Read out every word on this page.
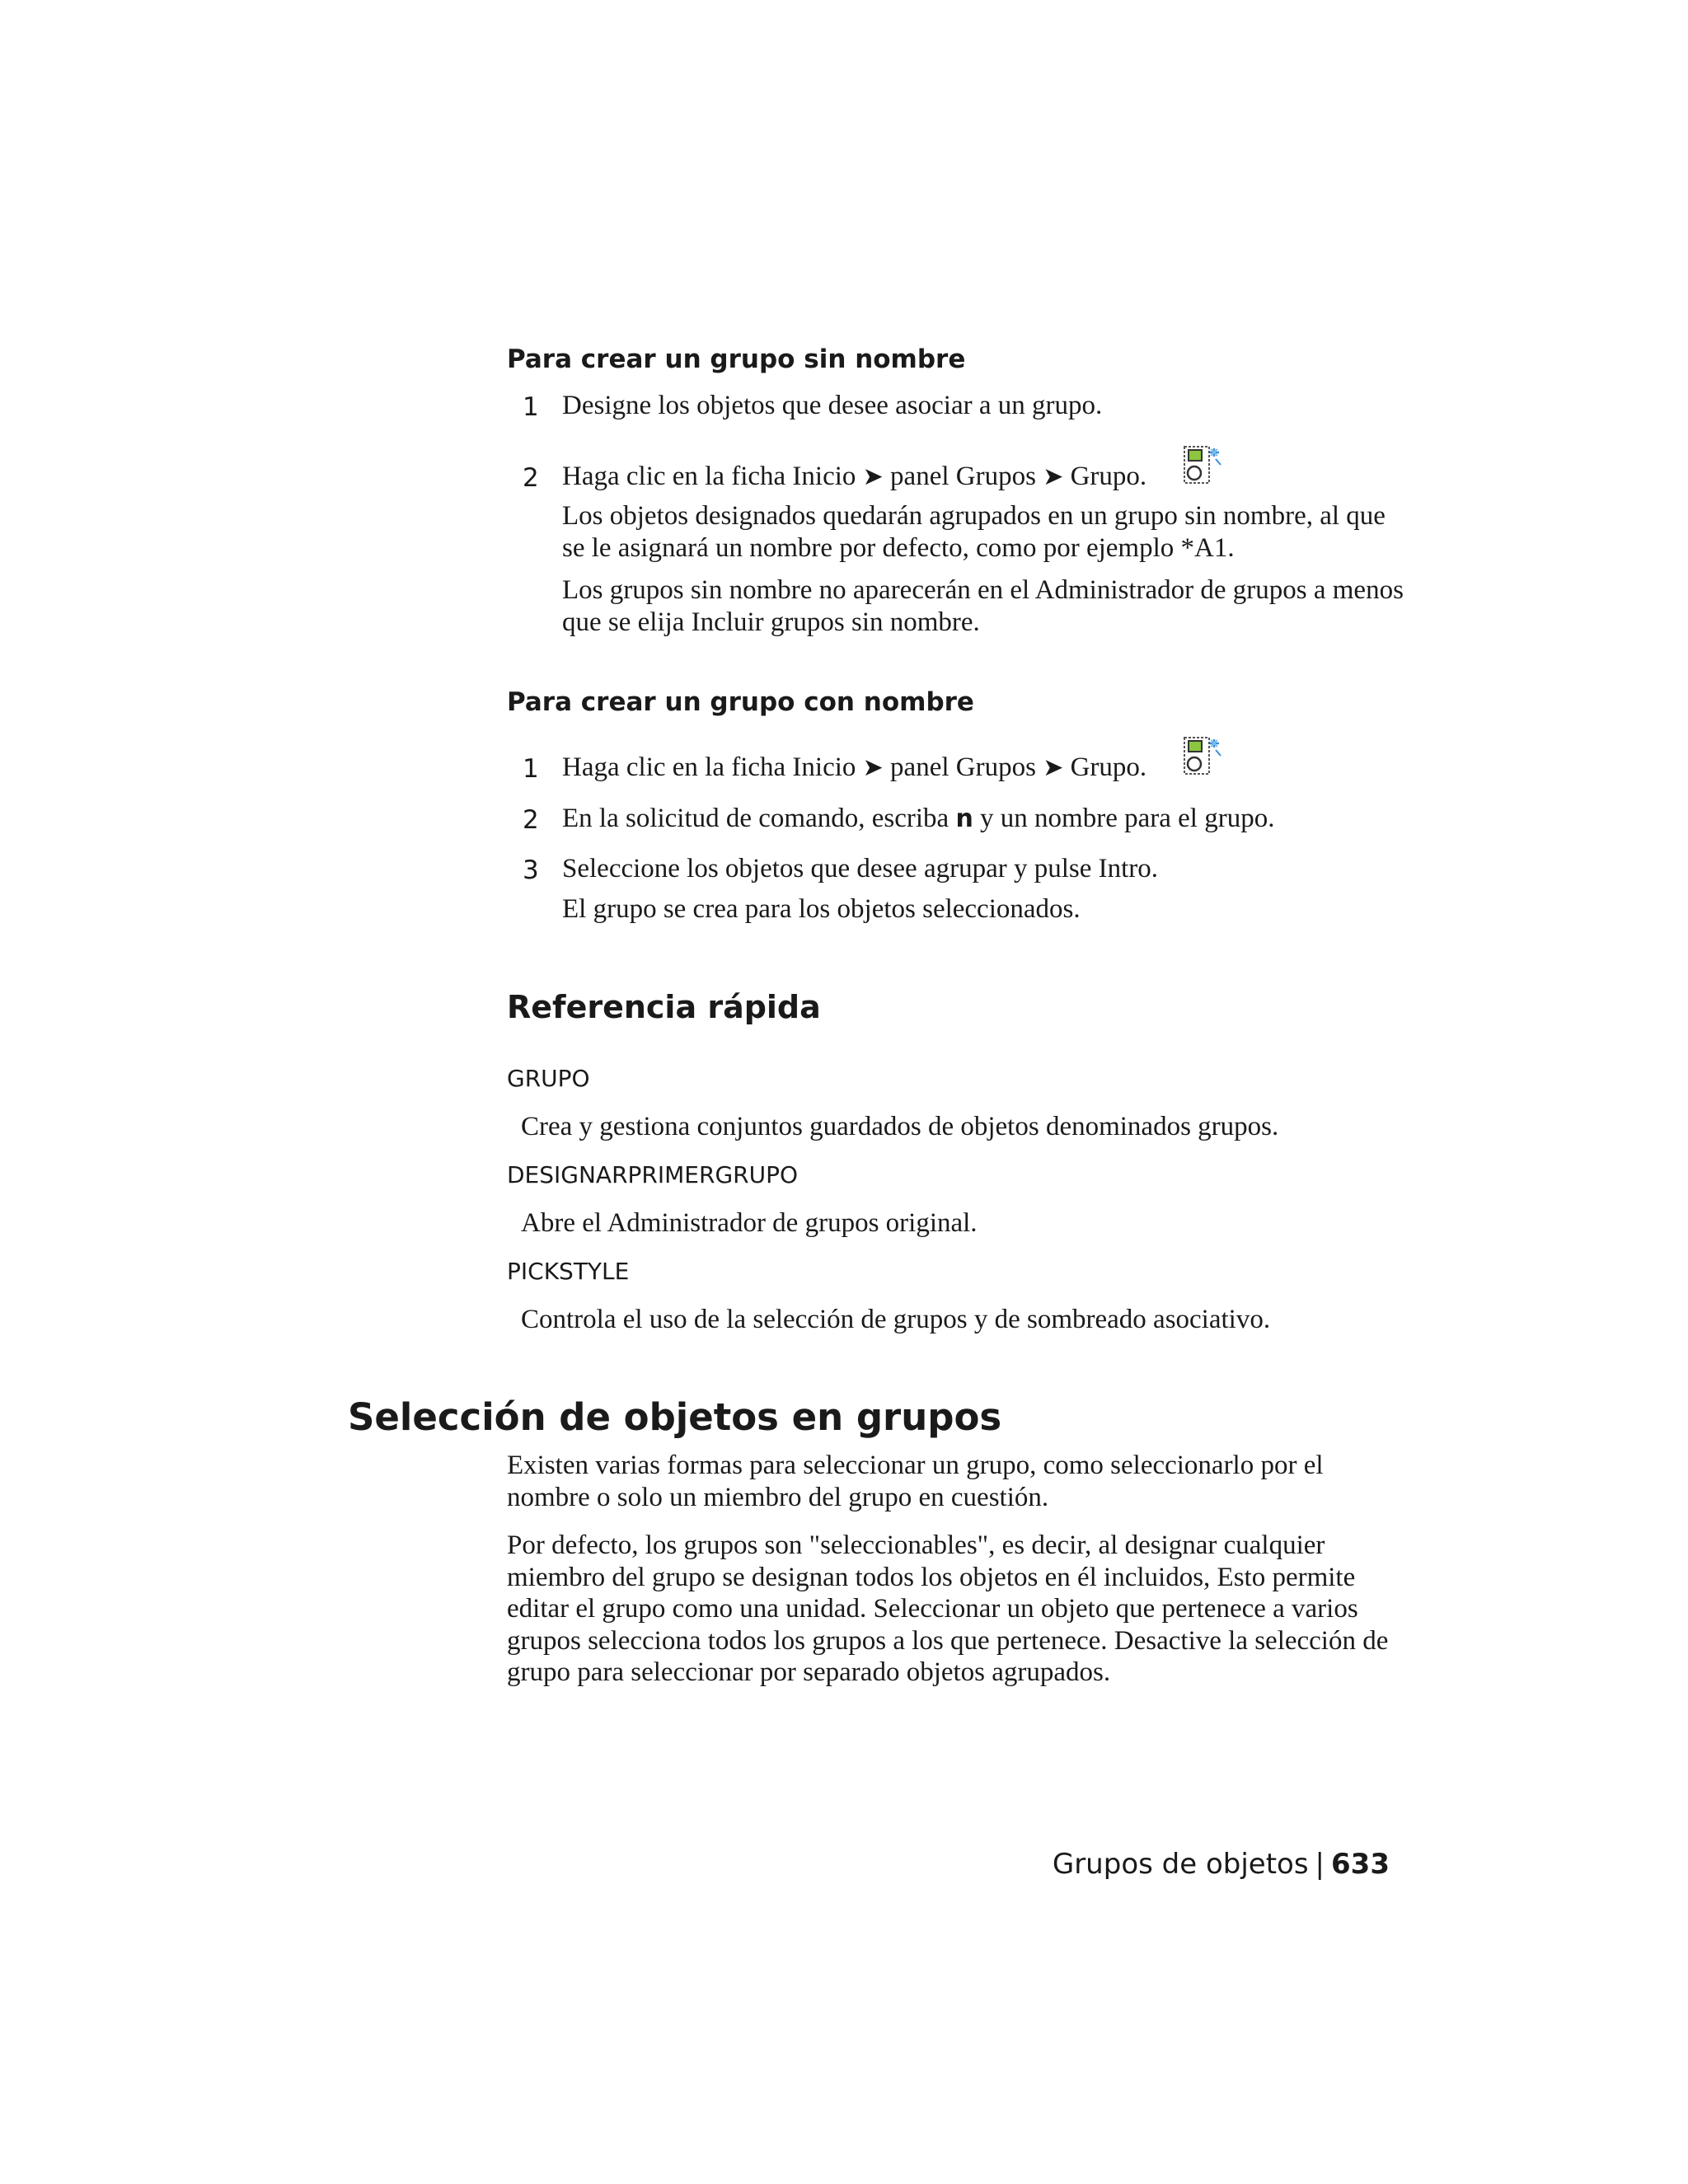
Para crear un grupo sin nombre
1 Designe los objetos que desee asociar a un grupo.
2 Haga clic en la ficha Inicio ➤ panel Grupos ➤ Grupo.
Los objetos designados quedarán agrupados en un grupo sin nombre, al que se le asignará un nombre por defecto, como por ejemplo *A1.
Los grupos sin nombre no aparecerán en el Administrador de grupos a menos que se elija Incluir grupos sin nombre.
Para crear un grupo con nombre
1 Haga clic en la ficha Inicio ➤ panel Grupos ➤ Grupo.
2 En la solicitud de comando, escriba n y un nombre para el grupo.
3 Seleccione los objetos que desee agrupar y pulse Intro.
El grupo se crea para los objetos seleccionados.
Referencia rápida
GRUPO
Crea y gestiona conjuntos guardados de objetos denominados grupos.
DESIGNARPRIMERGRUPO
Abre el Administrador de grupos original.
PICKSTYLE
Controla el uso de la selección de grupos y de sombreado asociativo.
Selección de objetos en grupos
Existen varias formas para seleccionar un grupo, como seleccionarlo por el nombre o solo un miembro del grupo en cuestión.
Por defecto, los grupos son "seleccionables", es decir, al designar cualquier miembro del grupo se designan todos los objetos en él incluidos, Esto permite editar el grupo como una unidad. Seleccionar un objeto que pertenece a varios grupos selecciona todos los grupos a los que pertenece. Desactive la selección de grupo para seleccionar por separado objetos agrupados.
Grupos de objetos | 633
